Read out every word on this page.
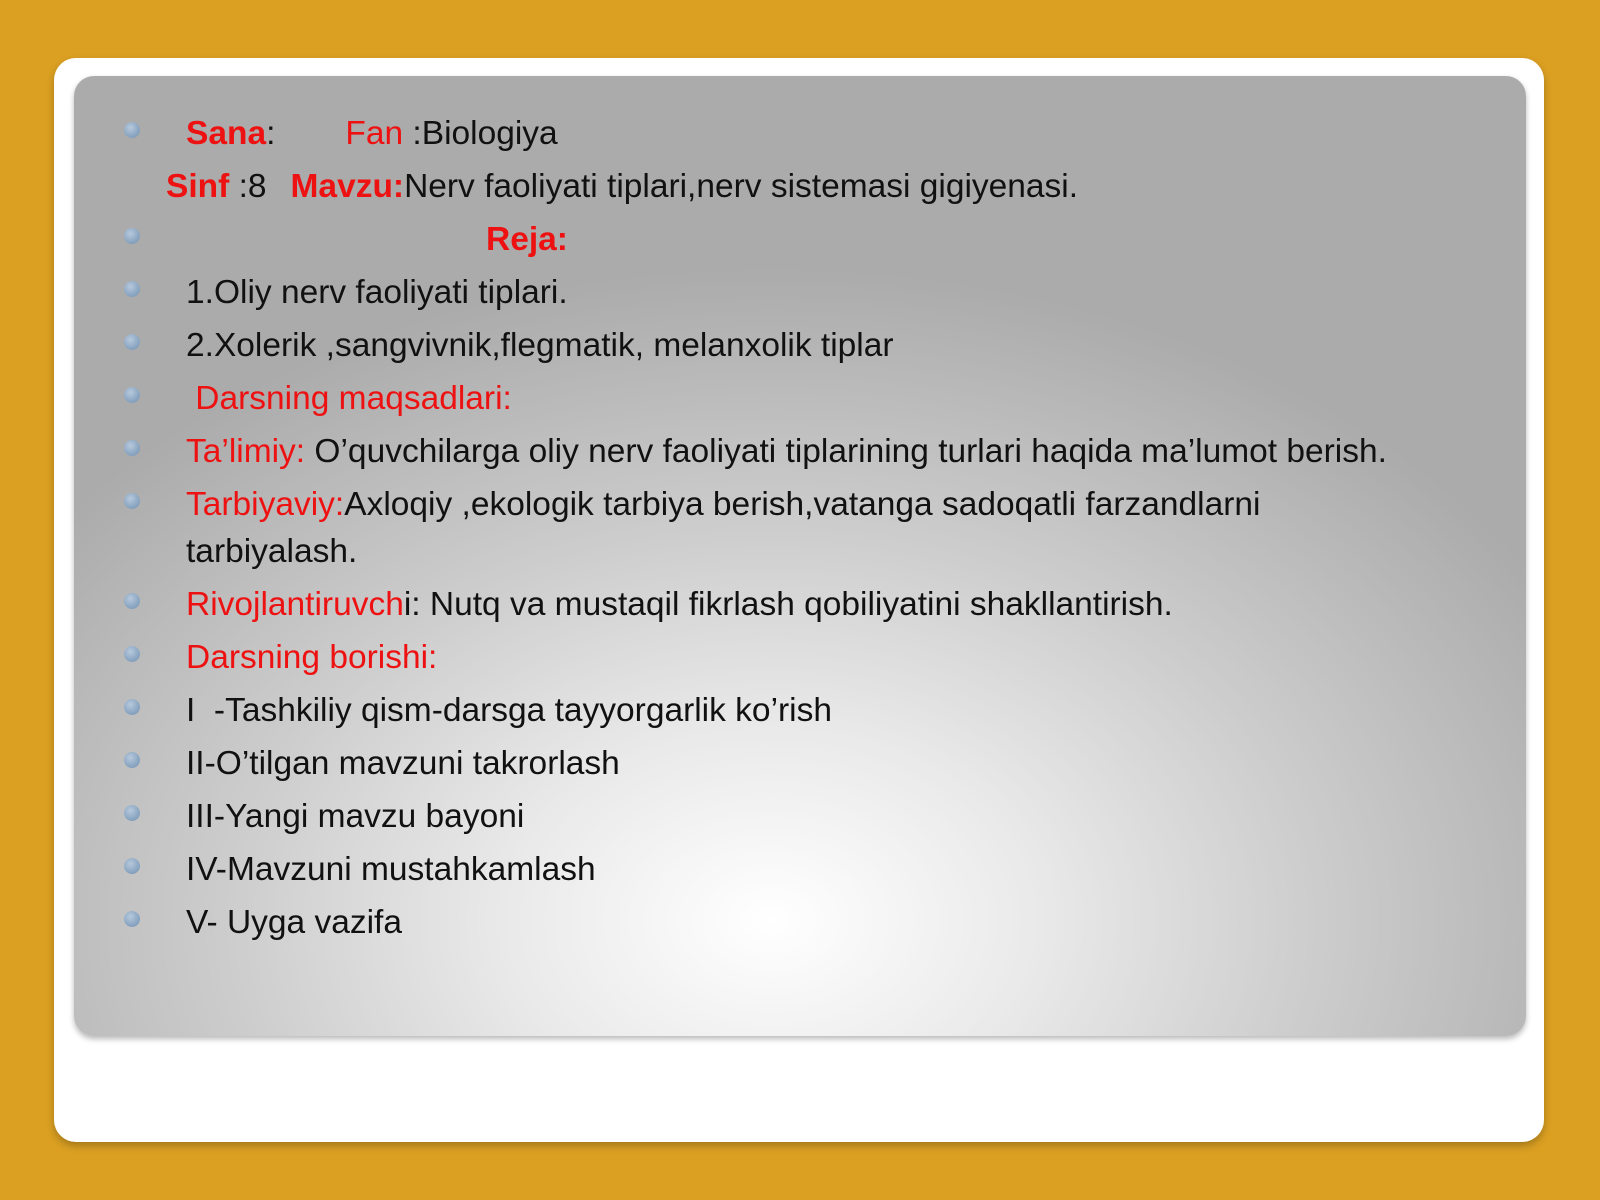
Sana: Fan :Biologiya
Sinf :8 Mavzu:Nerv faoliyati tiplari,nerv sistemasi gigiyenasi.
Reja:
1.Oliy nerv faoliyati tiplari.
2.Xolerik ,sangvivnik,flegmatik, melanxolik tiplar
Darsning maqsadlari:
Ta’limiy: O’quvchilarga oliy nerv faoliyati tiplarining turlari haqida ma’lumot berish.
Tarbiyaviy:Axloqiy ,ekologik tarbiya berish,vatanga sadoqatli farzandlarni tarbiyalash.
Rivojlantiruvchi: Nutq va mustaqil fikrlash qobiliyatini shakllantirish.
Darsning borishi:
I  -Tashkiliy qism-darsga tayyorgarlik ko’rish
II-O’tilgan mavzuni takrorlash
III-Yangi mavzu bayoni
IV-Mavzuni mustahkamlash
V- Uyga vazifa
